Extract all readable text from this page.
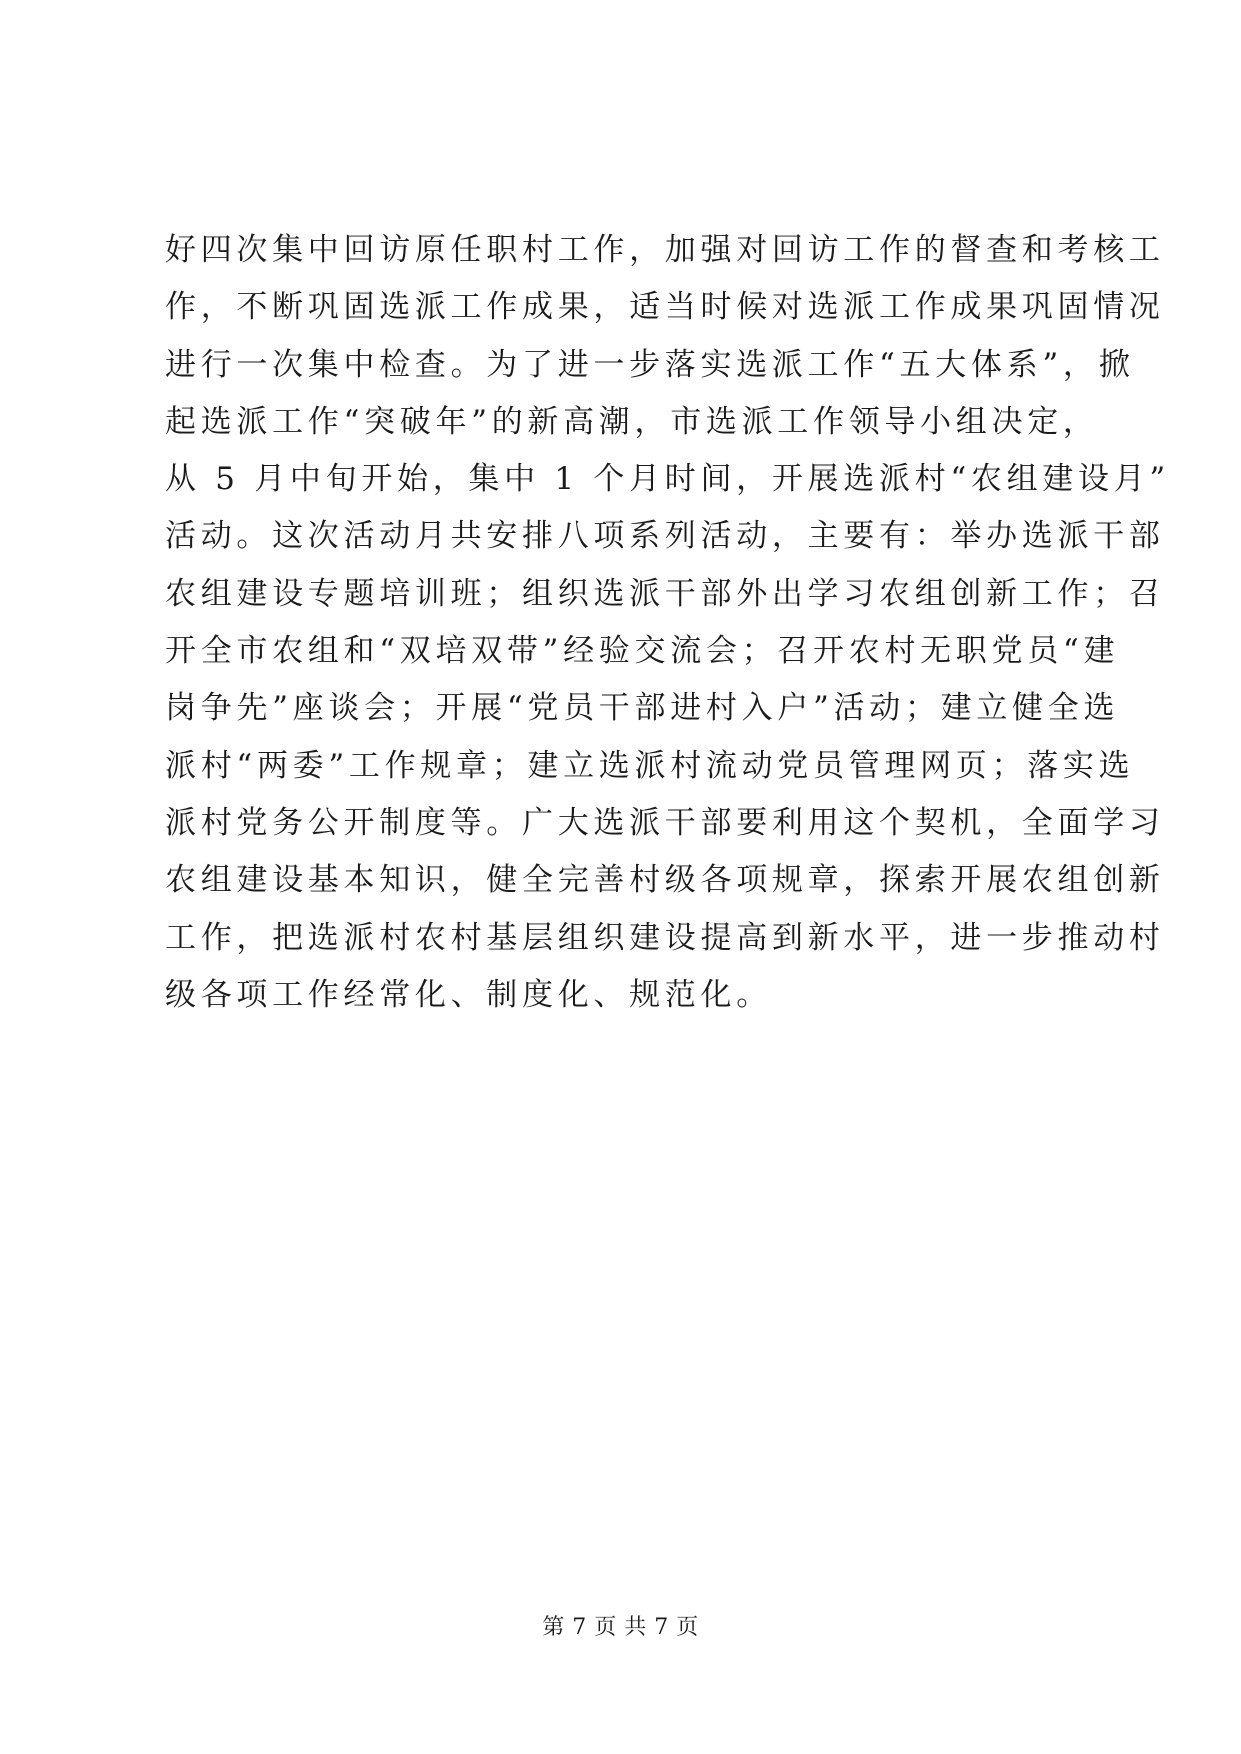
好四次集中回访原任职村工作，加强对回访工作的督查和考核工
作，不断巩固选派工作成果，适当时候对选派工作成果巩固情况
进行一次集中检查。为了进一步落实选派工作“五大体系”，掀
起选派工作“突破年”的新高潮，市选派工作领导小组决定，
从 5 月中旬开始，集中 1 个月时间，开展选派村“农组建设月”
活动。这次活动月共安排八项系列活动，主要有：举办选派干部
农组建设专题培训班；组织选派干部外出学习农组创新工作；召
开全市农组和“双培双带”经验交流会；召开农村无职党员“建
岗争先”座谈会；开展“党员干部进村入户”活动；建立健全选
派村“两委”工作规章；建立选派村流动党员管理网页；落实选
派村党务公开制度等。广大选派干部要利用这个契机，全面学习
农组建设基本知识，健全完善村级各项规章，探索开展农组创新
工作，把选派村农村基层组织建设提高到新水平，进一步推动村
级各项工作经常化、制度化、规范化。
第 7 页 共 7 页
